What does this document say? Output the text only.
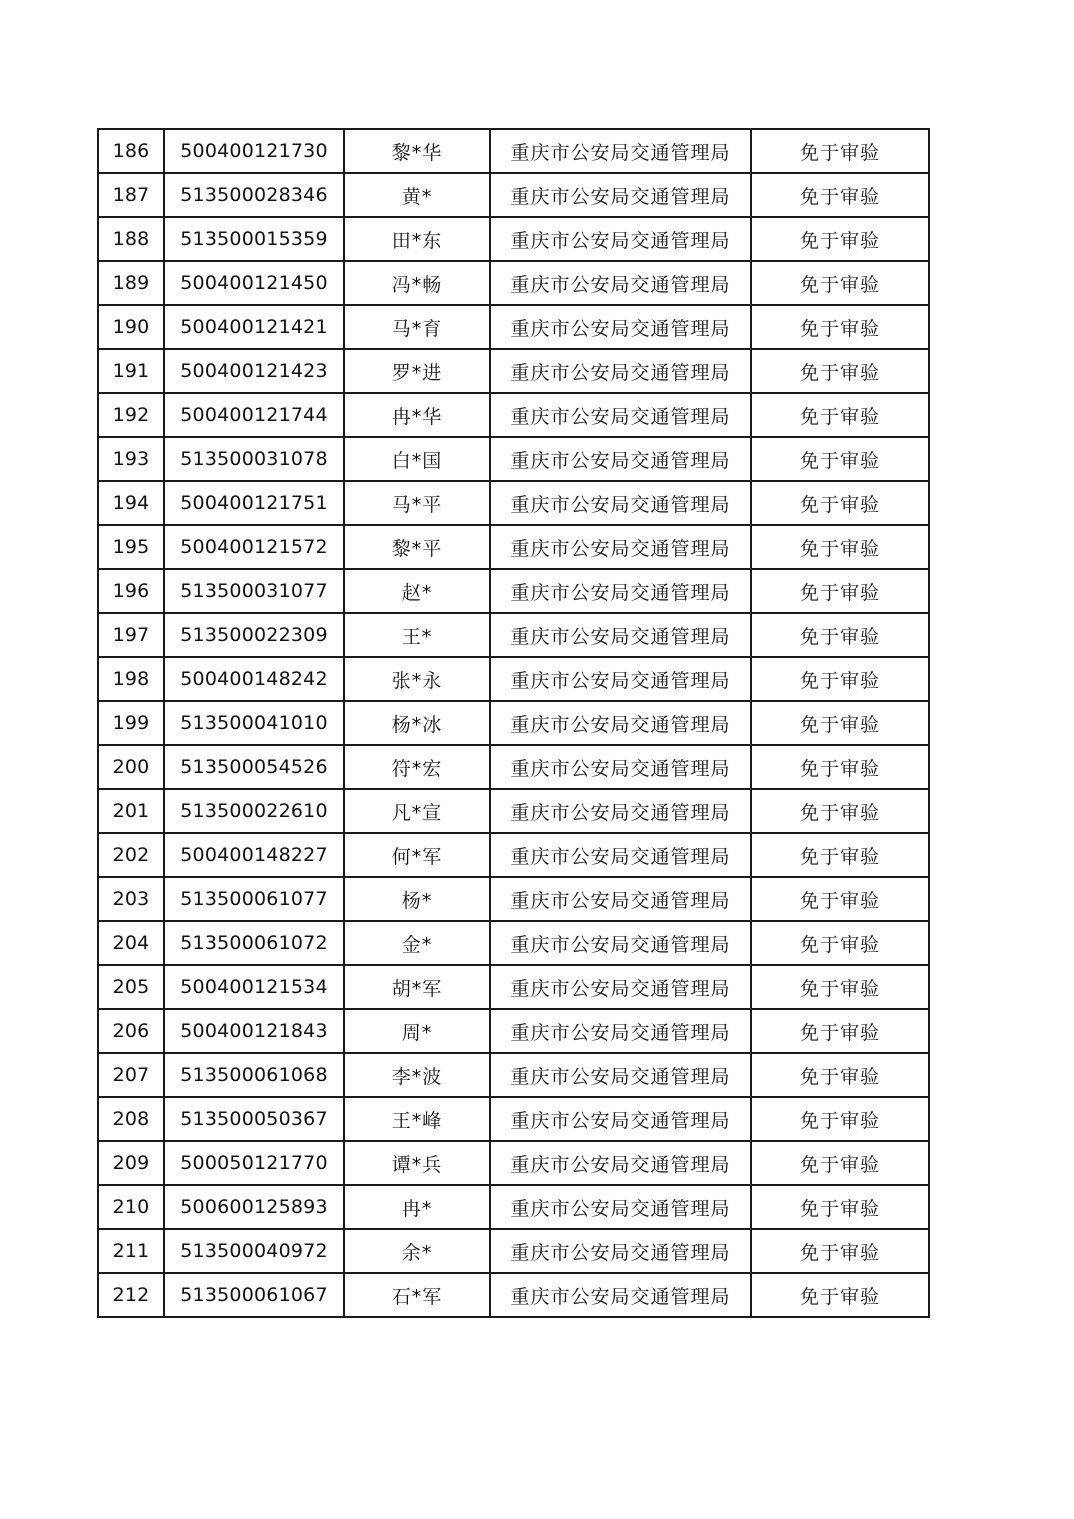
186	500400121730	黎*华	重庆市公安局交通管理局	免于审验
187	513500028346	黄*	重庆市公安局交通管理局	免于审验
188	513500015359	田*东	重庆市公安局交通管理局	免于审验
189	500400121450	冯*畅	重庆市公安局交通管理局	免于审验
190	500400121421	马*育	重庆市公安局交通管理局	免于审验
191	500400121423	罗*进	重庆市公安局交通管理局	免于审验
192	500400121744	冉*华	重庆市公安局交通管理局	免于审验
193	513500031078	白*国	重庆市公安局交通管理局	免于审验
194	500400121751	马*平	重庆市公安局交通管理局	免于审验
195	500400121572	黎*平	重庆市公安局交通管理局	免于审验
196	513500031077	赵*	重庆市公安局交通管理局	免于审验
197	513500022309	王*	重庆市公安局交通管理局	免于审验
198	500400148242	张*永	重庆市公安局交通管理局	免于审验
199	513500041010	杨*冰	重庆市公安局交通管理局	免于审验
200	513500054526	符*宏	重庆市公安局交通管理局	免于审验
201	513500022610	凡*宣	重庆市公安局交通管理局	免于审验
202	500400148227	何*军	重庆市公安局交通管理局	免于审验
203	513500061077	杨*	重庆市公安局交通管理局	免于审验
204	513500061072	金*	重庆市公安局交通管理局	免于审验
205	500400121534	胡*军	重庆市公安局交通管理局	免于审验
206	500400121843	周*	重庆市公安局交通管理局	免于审验
207	513500061068	李*波	重庆市公安局交通管理局	免于审验
208	513500050367	王*峰	重庆市公安局交通管理局	免于审验
209	500050121770	谭*兵	重庆市公安局交通管理局	免于审验
210	500600125893	冉*	重庆市公安局交通管理局	免于审验
211	513500040972	余*	重庆市公安局交通管理局	免于审验
212	513500061067	石*军	重庆市公安局交通管理局	免于审验
